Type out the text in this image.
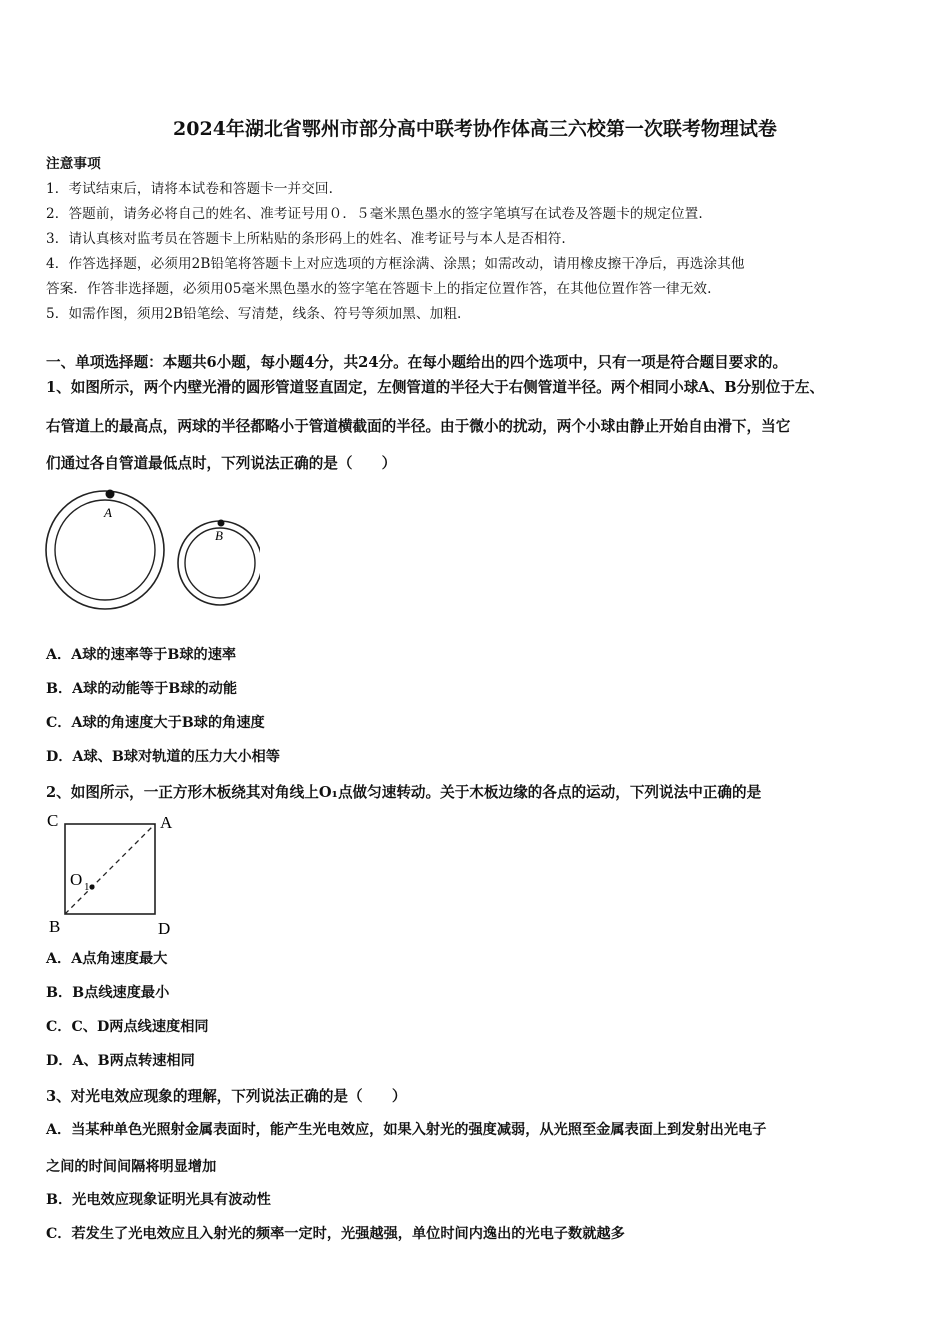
2024年湖北省鄂州市部分高中联考协作体高三六校第一次联考物理试卷
注意事项
1．考试结束后，请将本试卷和答题卡一并交回.
2．答题前，请务必将自己的姓名、准考证号用０．５毫米黑色墨水的签字笔填写在试卷及答题卡的规定位置.
3．请认真核对监考员在答题卡上所粘贴的条形码上的姓名、准考证号与本人是否相符.
4．作答选择题，必须用2B铅笔将答题卡上对应选项的方框涂满、涂黑；如需改动，请用橡皮擦干净后，再选涂其他
答案．作答非选择题，必须用05毫米黑色墨水的签字笔在答题卡上的指定位置作答，在其他位置作答一律无效.
5．如需作图，须用2B铅笔绘、写清楚，线条、符号等须加黑、加粗.
一、单项选择题：本题共6小题，每小题4分，共24分。在每小题给出的四个选项中，只有一项是符合题目要求的。
1、如图所示，两个内壁光滑的圆形管道竖直固定，左侧管道的半径大于右侧管道半径。两个相同小球A、B分别位于左、
右管道上的最高点，两球的半径都略小于管道横截面的半径。由于微小的扰动，两个小球由静止开始自由滑下，当它
们通过各自管道最低点时，下列说法正确的是（　　）
A
B
A．A球的速率等于B球的速率
B．A球的动能等于B球的动能
C．A球的角速度大于B球的角速度
D．A球、B球对轨道的压力大小相等
2、如图所示，一正方形木板绕其对角线上O₁点做匀速转动。关于木板边缘的各点的运动，下列说法中正确的是
C	A
B	D
O 1
A．A点角速度最大
B．B点线速度最小
C．C、D两点线速度相同
D．A、B两点转速相同
3、对光电效应现象的理解，下列说法正确的是（　　）
A．当某种单色光照射金属表面时，能产生光电效应，如果入射光的强度减弱，从光照至金属表面上到发射出光电子
之间的时间间隔将明显增加
B．光电效应现象证明光具有波动性
C．若发生了光电效应且入射光的频率一定时，光强越强，单位时间内逸出的光电子数就越多
